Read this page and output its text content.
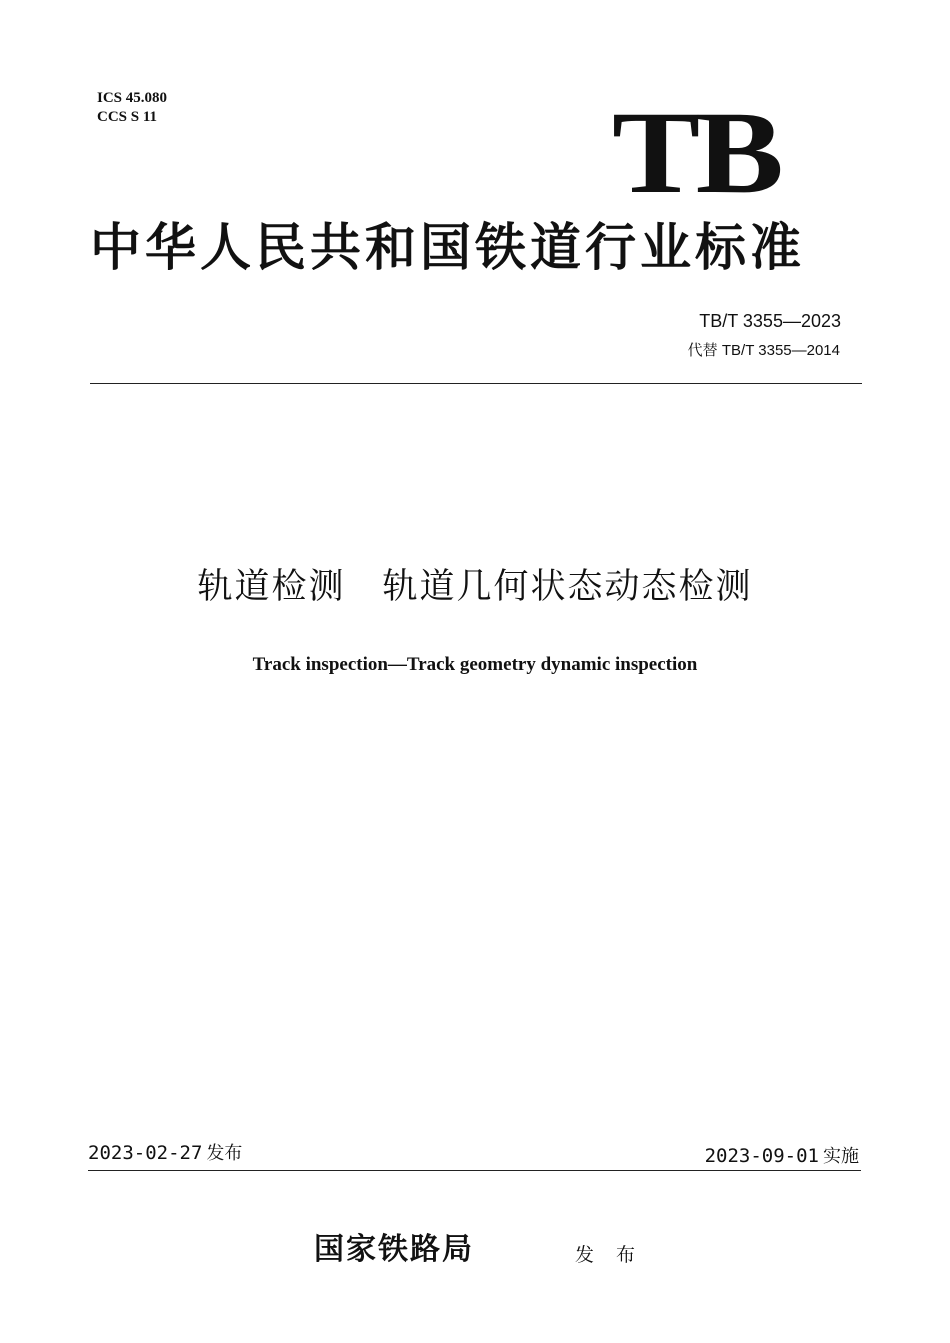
ICS 45.080
CCS S 11	TB
中华人民共和国铁道行业标准
TB/T 3355—2023
代替 TB/T 3355—2014
轨道检测　轨道几何状态动态检测
Track inspection—Track geometry dynamic inspection
2023-02-27 发布	2023-09-01 实施
国家铁路局	发 布
